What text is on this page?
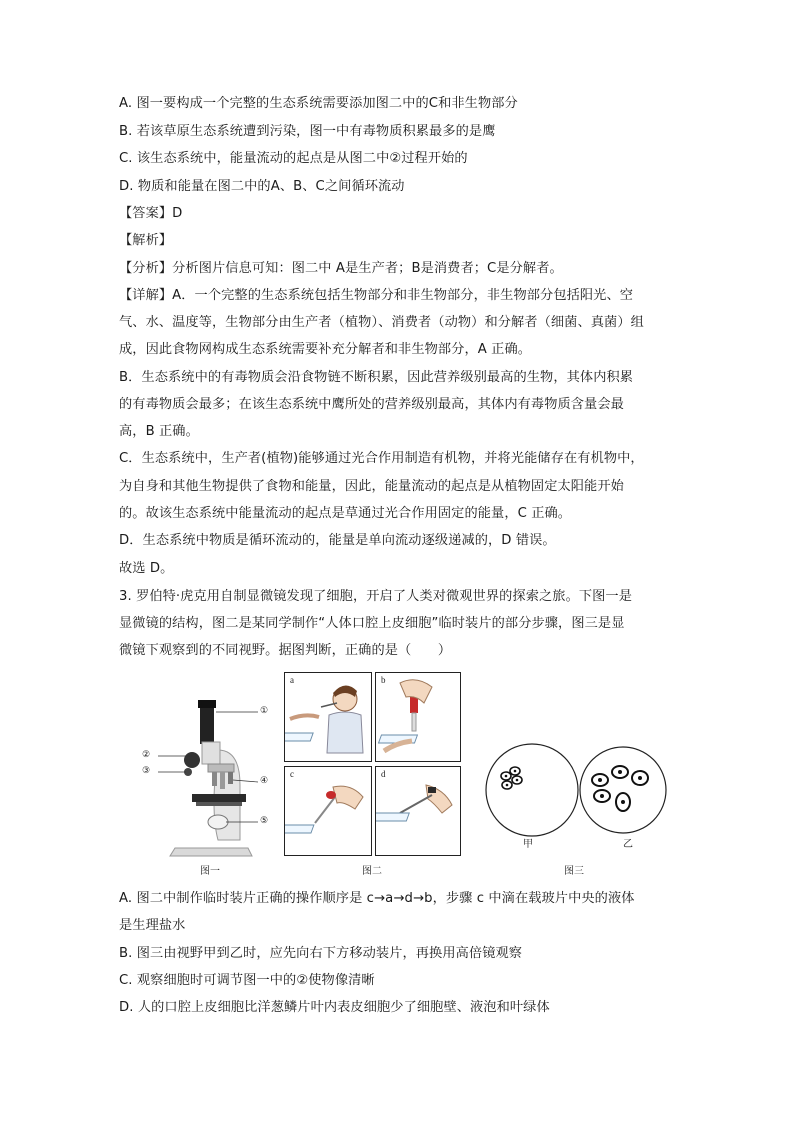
A. 图一要构成一个完整的生态系统需要添加图二中的C和非生物部分
B. 若该草原生态系统遭到污染，图一中有毒物质积累最多的是鹰
C. 该生态系统中，能量流动的起点是从图二中②过程开始的
D. 物质和能量在图二中的A、B、C之间循环流动
【答案】D
【解析】
【分析】分析图片信息可知：图二中 A是生产者；B是消费者；C是分解者。
【详解】A．一个完整的生态系统包括生物部分和非生物部分，非生物部分包括阳光、空
气、水、温度等，生物部分由生产者（植物）、消费者（动物）和分解者（细菌、真菌）组
成，因此食物网构成生态系统需要补充分解者和非生物部分，A 正确。
B．生态系统中的有毒物质会沿食物链不断积累，因此营养级别最高的生物，其体内积累
的有毒物质会最多；在该生态系统中鹰所处的营养级别最高，其体内有毒物质含量会最
高，B 正确。
C．生态系统中，生产者(植物)能够通过光合作用制造有机物，并将光能储存在有机物中，
为自身和其他生物提供了食物和能量，因此，能量流动的起点是从植物固定太阳能开始
的。故该生态系统中能量流动的起点是草通过光合作用固定的能量，C 正确。
D．生态系统中物质是循环流动的，能量是单向流动逐级递减的，D 错误。
故选 D。
3. 罗伯特·虎克用自制显微镜发现了细胞，开启了人类对微观世界的探索之旅。下图一是
显微镜的结构，图二是某同学制作“人体口腔上皮细胞”临时装片的部分步骤，图三是显
微镜下观察到的不同视野。据图判断，正确的是（　　）
①
②
③
④
⑤
图一
a	b
c	d
图二
甲	乙
图三
A. 图二中制作临时装片正确的操作顺序是 c→a→d→b，步骤 c 中滴在载玻片中央的液体
是生理盐水
B. 图三由视野甲到乙时，应先向右下方移动装片，再换用高倍镜观察
C. 观察细胞时可调节图一中的②使物像清晰
D. 人的口腔上皮细胞比洋葱鳞片叶内表皮细胞少了细胞壁、液泡和叶绿体
